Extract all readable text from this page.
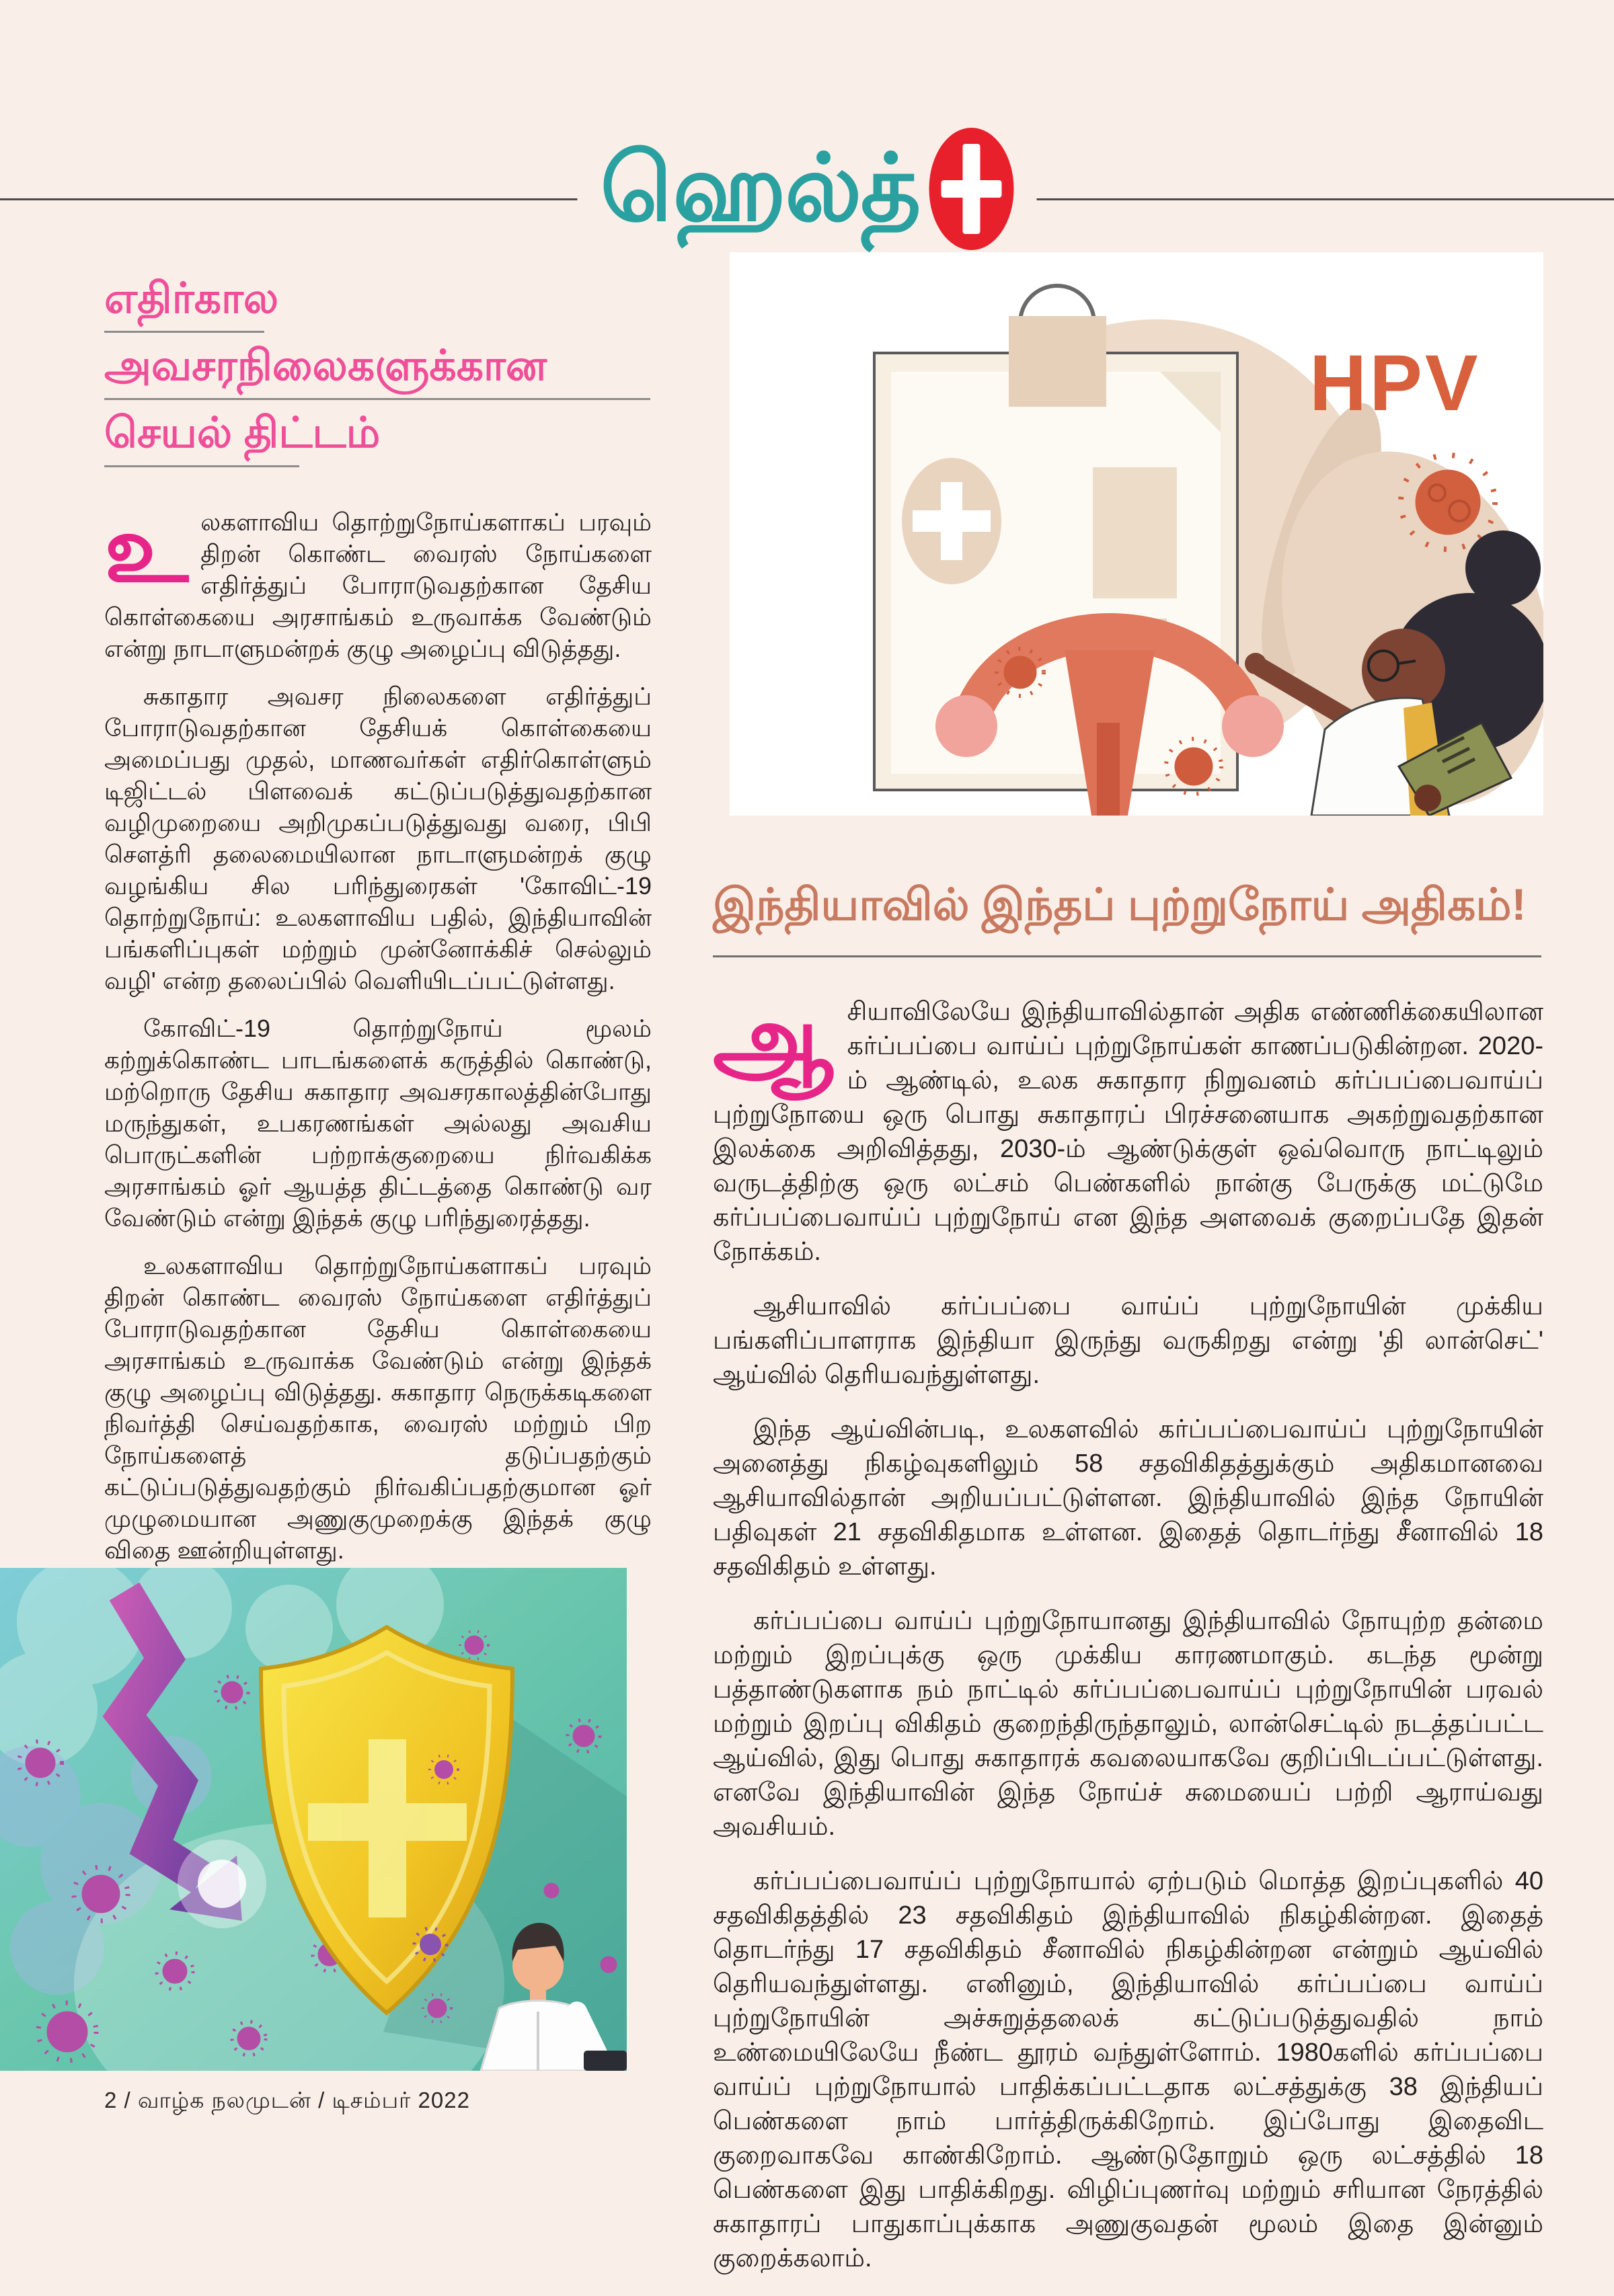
ஹெல்த்
எதிர்கால
அவசரநிலைகளுக்கான
செயல் திட்டம்

உலகளாவிய தொற்றுநோய்களாகப் பரவும் திறன் கொண்ட வைரஸ் நோய்களை எதிர்த்துப் போராடுவதற்கான தேசிய கொள்கையை அரசாங்கம் உருவாக்க வேண்டும் என்று நாடாளுமன்றக் குழு அழைப்பு விடுத்தது.

சுகாதார அவசர நிலைகளை எதிர்த்துப் போராடுவதற்கான தேசியக் கொள்கையை அமைப்பது முதல், மாணவர்கள் எதிர்கொள்ளும் டிஜிட்டல் பிளவைக் கட்டுப்படுத்துவதற்கான வழிமுறையை அறிமுகப்படுத்துவது வரை, பிபி சௌத்ரி தலைமையிலான நாடாளுமன்றக் குழு வழங்கிய சில பரிந்துரைகள் 'கோவிட்-19 தொற்றுநோய்: உலகளாவிய பதில், இந்தியாவின் பங்களிப்புகள் மற்றும் முன்னோக்கிச் செல்லும் வழி' என்ற தலைப்பில் வெளியிடப்பட்டுள்ளது.

கோவிட்-19 தொற்றுநோய் மூலம் கற்றுக்கொண்ட பாடங்களைக் கருத்தில் கொண்டு, மற்றொரு தேசிய சுகாதார அவசரகாலத்தின்போது மருந்துகள், உபகரணங்கள் அல்லது அவசிய பொருட்களின் பற்றாக்குறையை நிர்வகிக்க அரசாங்கம் ஓர் ஆயத்த திட்டத்தை கொண்டு வர வேண்டும் என்று இந்தக் குழு பரிந்துரைத்தது.

உலகளாவிய தொற்றுநோய்களாகப் பரவும் திறன் கொண்ட வைரஸ் நோய்களை எதிர்த்துப் போராடுவதற்கான தேசிய கொள்கையை அரசாங்கம் உருவாக்க வேண்டும் என்று இந்தக் குழு அழைப்பு விடுத்தது. சுகாதார நெருக்கடிகளை நிவர்த்தி செய்வதற்காக, வைரஸ் மற்றும் பிற நோய்களைத் தடுப்பதற்கும் கட்டுப்படுத்துவதற்கும் நிர்வகிப்பதற்குமான ஓர் முழுமையான அணுகுமுறைக்கு இந்தக் குழு விதை ஊன்றியுள்ளது.

HPV
இந்தியாவில் இந்தப் புற்றுநோய் அதிகம்!

ஆசியாவிலேயே இந்தியாவில்தான் அதிக எண்ணிக்கையிலான கர்ப்பப்பை வாய்ப் புற்றுநோய்கள் காணப்படுகின்றன. 2020-ம் ஆண்டில், உலக சுகாதார நிறுவனம் கர்ப்பப்பைவாய்ப் புற்றுநோயை ஒரு பொது சுகாதாரப் பிரச்சனையாக அகற்றுவதற்கான இலக்கை அறிவித்தது, 2030-ம் ஆண்டுக்குள் ஒவ்வொரு நாட்டிலும் வருடத்திற்கு ஒரு லட்சம் பெண்களில் நான்கு பேருக்கு மட்டுமே கர்ப்பப்பைவாய்ப் புற்றுநோய் என இந்த அளவைக் குறைப்பதே இதன் நோக்கம்.

ஆசியாவில் கர்ப்பப்பை வாய்ப் புற்றுநோயின் முக்கிய பங்களிப்பாளராக இந்தியா இருந்து வருகிறது என்று 'தி லான்செட்' ஆய்வில் தெரியவந்துள்ளது.

இந்த ஆய்வின்படி, உலகளவில் கர்ப்பப்பைவாய்ப் புற்றுநோயின் அனைத்து நிகழ்வுகளிலும் 58 சதவிகிதத்துக்கும் அதிகமானவை ஆசியாவில்தான் அறியப்பட்டுள்ளன. இந்தியாவில் இந்த நோயின் பதிவுகள் 21 சதவிகிதமாக உள்ளன. இதைத் தொடர்ந்து சீனாவில் 18 சதவிகிதம் உள்ளது.

கர்ப்பப்பை வாய்ப் புற்றுநோயானது இந்தியாவில் நோயுற்ற தன்மை மற்றும் இறப்புக்கு ஒரு முக்கிய காரணமாகும். கடந்த மூன்று பத்தாண்டுகளாக நம் நாட்டில் கர்ப்பப்பைவாய்ப் புற்றுநோயின் பரவல் மற்றும் இறப்பு விகிதம் குறைந்திருந்தாலும், லான்செட்டில் நடத்தப்பட்ட ஆய்வில், இது பொது சுகாதாரக் கவலையாகவே குறிப்பிடப்பட்டுள்ளது. எனவே இந்தியாவின் இந்த நோய்ச் சுமையைப் பற்றி ஆராய்வது அவசியம்.

கர்ப்பப்பைவாய்ப் புற்றுநோயால் ஏற்படும் மொத்த இறப்புகளில் 40 சதவிகிதத்தில் 23 சதவிகிதம் இந்தியாவில் நிகழ்கின்றன. இதைத் தொடர்ந்து 17 சதவிகிதம் சீனாவில் நிகழ்கின்றன என்றும் ஆய்வில் தெரியவந்துள்ளது. எனினும், இந்தியாவில் கர்ப்பப்பை வாய்ப் புற்றுநோயின் அச்சுறுத்தலைக் கட்டுப்படுத்துவதில் நாம் உண்மையிலேயே நீண்ட தூரம் வந்துள்ளோம். 1980களில் கர்ப்பப்பை வாய்ப் புற்றுநோயால் பாதிக்கப்பட்டதாக லட்சத்துக்கு 38 இந்தியப் பெண்களை நாம் பார்த்திருக்கிறோம். இப்போது இதைவிட குறைவாகவே காண்கிறோம். ஆண்டுதோறும் ஒரு லட்சத்தில் 18 பெண்களை இது பாதிக்கிறது. விழிப்புணர்வு மற்றும் சரியான நேரத்தில் சுகாதாரப் பாதுகாப்புக்காக அணுகுவதன் மூலம் இதை இன்னும் குறைக்கலாம்.

2 / வாழ்க நலமுடன் / டிசம்பர் 2022
